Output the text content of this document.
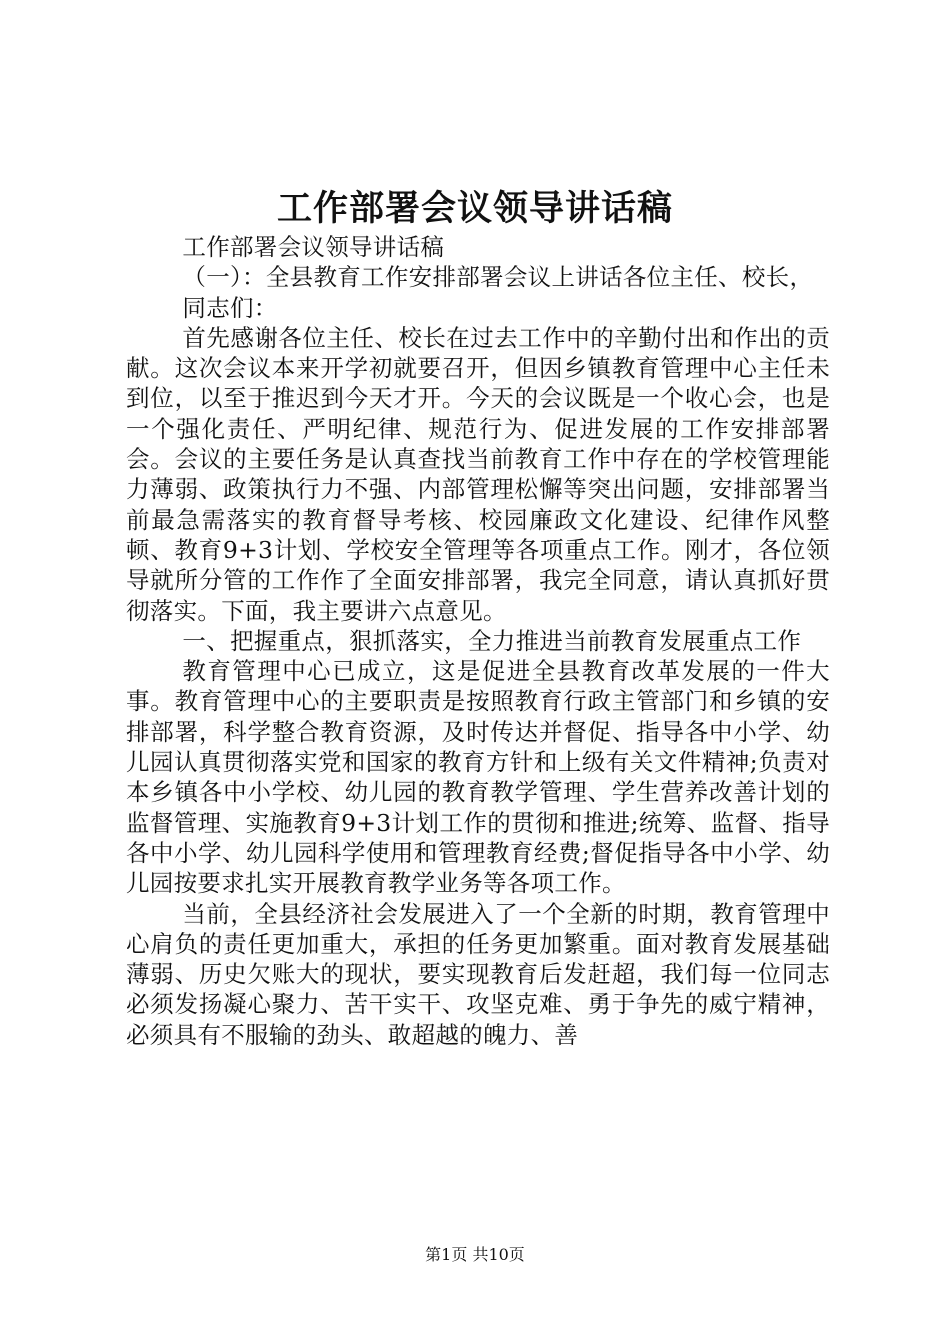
工作部署会议领导讲话稿

工作部署会议领导讲话稿

（一）：全县教育工作安排部署会议上讲话各位主任、校长，

同志们：

首先感谢各位主任、校长在过去工作中的辛勤付出和作出的贡献。这次会议本来开学初就要召开，但因乡镇教育管理中心主任未到位，以至于推迟到今天才开。今天的会议既是一个收心会，也是一个强化责任、严明纪律、规范行为、促进发展的工作安排部署会。会议的主要任务是认真查找当前教育工作中存在的学校管理能力薄弱、政策执行力不强、内部管理松懈等突出问题，安排部署当前最急需落实的教育督导考核、校园廉政文化建设、纪律作风整顿、教育9+3计划、学校安全管理等各项重点工作。刚才，各位领导就所分管的工作作了全面安排部署，我完全同意，请认真抓好贯彻落实。下面，我主要讲六点意见。

一、把握重点，狠抓落实，全力推进当前教育发展重点工作

教育管理中心已成立，这是促进全县教育改革发展的一件大事。教育管理中心的主要职责是按照教育行政主管部门和乡镇的安排部署，科学整合教育资源，及时传达并督促、指导各中小学、幼儿园认真贯彻落实党和国家的教育方针和上级有关文件精神;负责对本乡镇各中小学校、幼儿园的教育教学管理、学生营养改善计划的监督管理、实施教育9+3计划工作的贯彻和推进;统筹、监督、指导各中小学、幼儿园科学使用和管理教育经费;督促指导各中小学、幼儿园按要求扎实开展教育教学业务等各项工作。

当前，全县经济社会发展进入了一个全新的时期，教育管理中心肩负的责任更加重大，承担的任务更加繁重。面对教育发展基础薄弱、历史欠账大的现状，要实现教育后发赶超，我们每一位同志必须发扬凝心聚力、苦干实干、攻坚克难、勇于争先的威宁精神，必须具有不服输的劲头、敢超越的魄力、善

第1页 共10页
